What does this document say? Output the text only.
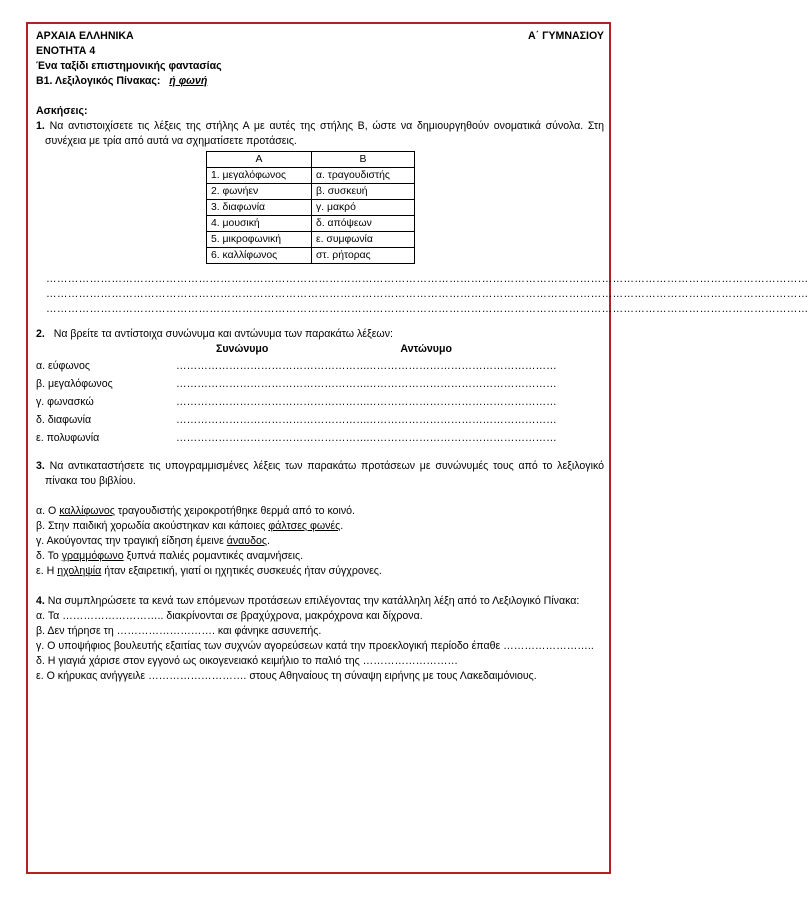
ΑΡΧΑΙΑ ΕΛΛΗΝΙΚΑ	Α΄ ΓΥΜΝΑΣΙΟΥ
ΕΝΟΤΗΤΑ 4
Ένα ταξίδι επιστημονικής φαντασίας
Β1. Λεξιλογικός Πίνακας: ή φωνή
Ασκήσεις:
1. Να αντιστοιχίσετε τις λέξεις της στήλης Α με αυτές της στήλης Β, ώστε να δημιουργηθούν ονοματικά σύνολα. Στη συνέχεια με τρία από αυτά να σχηματίσετε προτάσεις.
Α	Β
1. μεγαλόφωνος	α. τραγουδιστής
2. φωνήεν	β. συσκευή
3. διαφωνία	γ. μακρό
4. μουσική	δ. απόψεων
5. μικροφωνική	ε. συμφωνία
6. καλλίφωνος	στ. ρήτορας
…………………………………………………………………………………………………………………………………………………………………………………………
…………………………………………………………………………………………………………………………………………………………………………………………
…………………………………………………………………………………………………………………………………………………………………………………………
2. Να βρείτε τα αντίστοιχα συνώνυμα και αντώνυμα των παρακάτω λέξεων:
Συνώνυμο	Αντώνυμο
α. εύφωνος	……………………………………………… ………………………………………………
β. μεγαλόφωνος	……………………………………………… ………………………………………………
γ. φωνασκώ	……………………………………………… ………………………………………………
δ. διαφωνία	……………………………………………… ………………………………………………
ε. πολυφωνία	……………………………………………… ………………………………………………
3. Να αντικαταστήσετε τις υπογραμμισμένες λέξεις των παρακάτω προτάσεων με συνώνυμές τους από το λεξιλογικό πίνακα του βιβλίου.
α. Ο καλλίφωνος τραγουδιστής χειροκροτήθηκε θερμά από το κοινό.
β. Στην παιδική χορωδία ακούστηκαν και κάποιες φάλτσες φωνές.
γ. Ακούγοντας την τραγική είδηση έμεινε άναυδος.
δ. Το γραμμόφωνο ξυπνά παλιές ρομαντικές αναμνήσεις.
ε. Η ηχοληψία ήταν εξαιρετική, γιατί οι ηχητικές συσκευές ήταν σύγχρονες.
4. Να συμπληρώσετε τα κενά των επόμενων προτάσεων επιλέγοντας την κατάλληλη λέξη από το Λεξιλογικό Πίνακα:
α. Τα ……………………….. διακρίνονται σε βραχύχρονα, μακρόχρονα και δίχρονα.
β. Δεν τήρησε τη ………………………. και φάνηκε ασυνεπής.
γ. Ο υποψήφιος βουλευτής εξαιτίας των συχνών αγορεύσεων κατά την προεκλογική περίοδο έπαθε ……………………..
δ. Η γιαγιά χάρισε στον εγγονό ως οικογενειακό κειμήλιο το παλιό της ………………………
ε. Ο κήρυκας ανήγγειλε ………………………. στους Αθηναίους τη σύναψη ειρήνης με τους Λακεδαιμόνιους.
